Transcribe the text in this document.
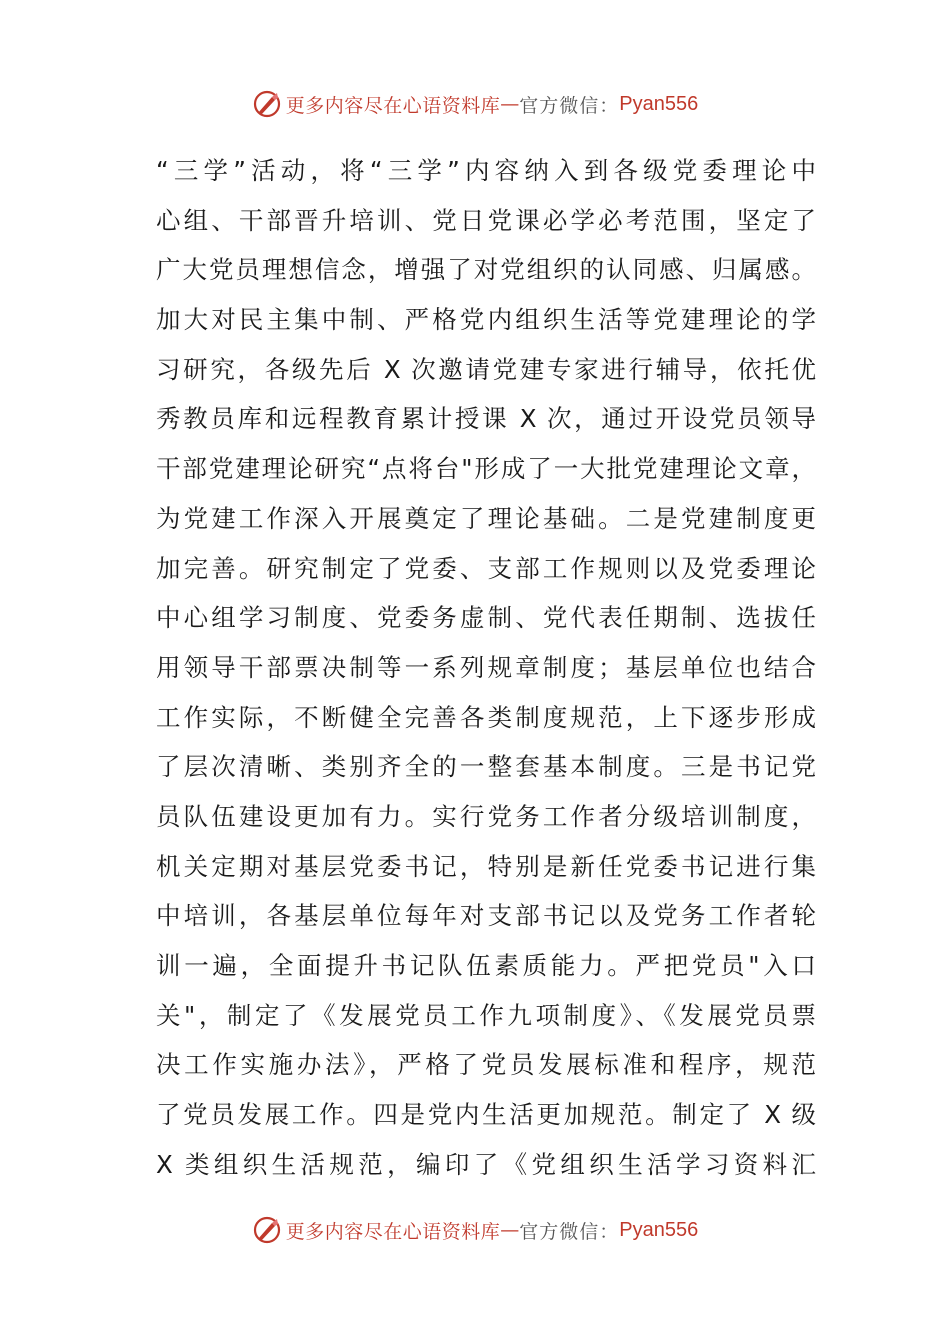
更多内容尽在心语资料库 — 官方微信： Pyan556
“三学”活动，将“三学”内容纳入到各级党委理论中
心组、干部晋升培训、党日党课必学必考范围，坚定了
广大党员理想信念，增强了对党组织的认同感、归属感。
加大对民主集中制、严格党内组织生活等党建理论的学
习研究，各级先后 X 次邀请党建专家进行辅导，依托优
秀教员库和远程教育累计授课 X 次，通过开设党员领导
干部党建理论研究“点将台"形成了一大批党建理论文章，
为党建工作深入开展奠定了理论基础。二是党建制度更
加完善。研究制定了党委、支部工作规则以及党委理论
中心组学习制度、党委务虚制、党代表任期制、选拔任
用领导干部票决制等一系列规章制度；基层单位也结合
工作实际，不断健全完善各类制度规范，上下逐步形成
了层次清晰、类别齐全的一整套基本制度。三是书记党
员队伍建设更加有力。实行党务工作者分级培训制度，
机关定期对基层党委书记，特别是新任党委书记进行集
中培训，各基层单位每年对支部书记以及党务工作者轮
训一遍，全面提升书记队伍素质能力。严把党员"入口
关"，制定了《发展党员工作九项制度》、《发展党员票
决工作实施办法》，严格了党员发展标准和程序，规范
了党员发展工作。四是党内生活更加规范。制定了 X 级
X 类组织生活规范，编印了《党组织生活学习资料汇
更多内容尽在心语资料库 — 官方微信： Pyan556
